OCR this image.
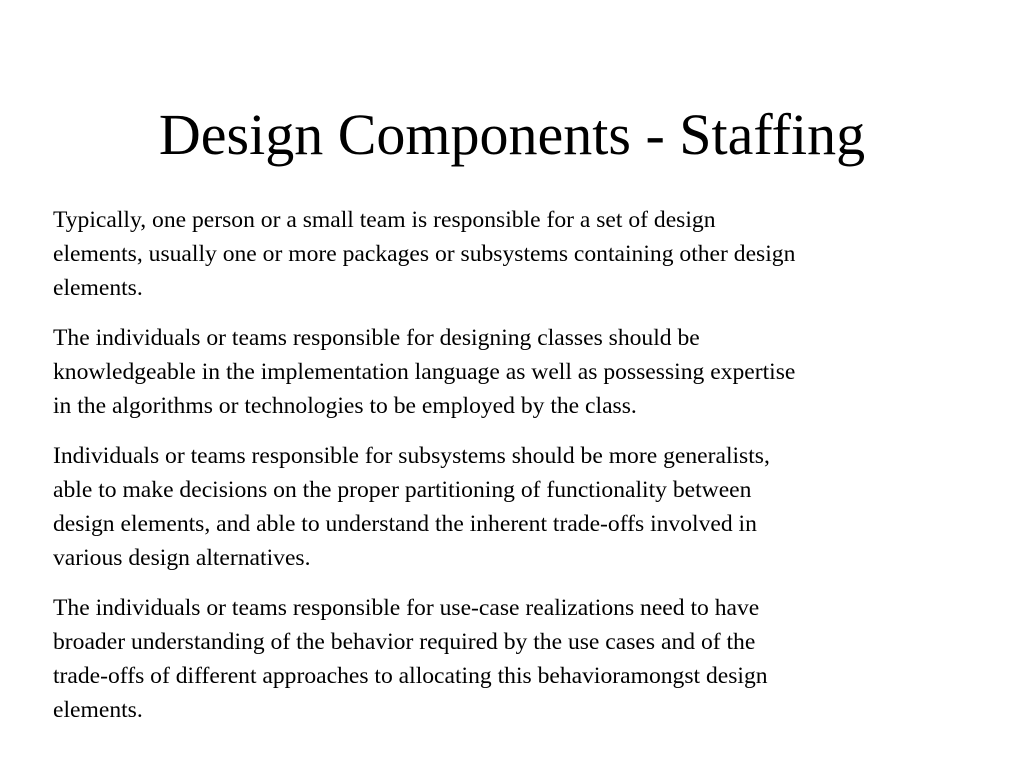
Design Components - Staffing

Typically, one person or a small team is responsible for a set of design
elements, usually one or more packages or subsystems containing other design
elements.

The individuals or teams responsible for designing classes should be
knowledgeable in the implementation language as well as possessing expertise
in the algorithms or technologies to be employed by the class.

Individuals or teams responsible for subsystems should be more generalists,
able to make decisions on the proper partitioning of functionality between
design elements, and able to understand the inherent trade-offs involved in
various design alternatives.

The individuals or teams responsible for use-case realizations need to have
broader understanding of the behavior required by the use cases and of the
trade-offs of different approaches to allocating this behavioramongst design
elements.
